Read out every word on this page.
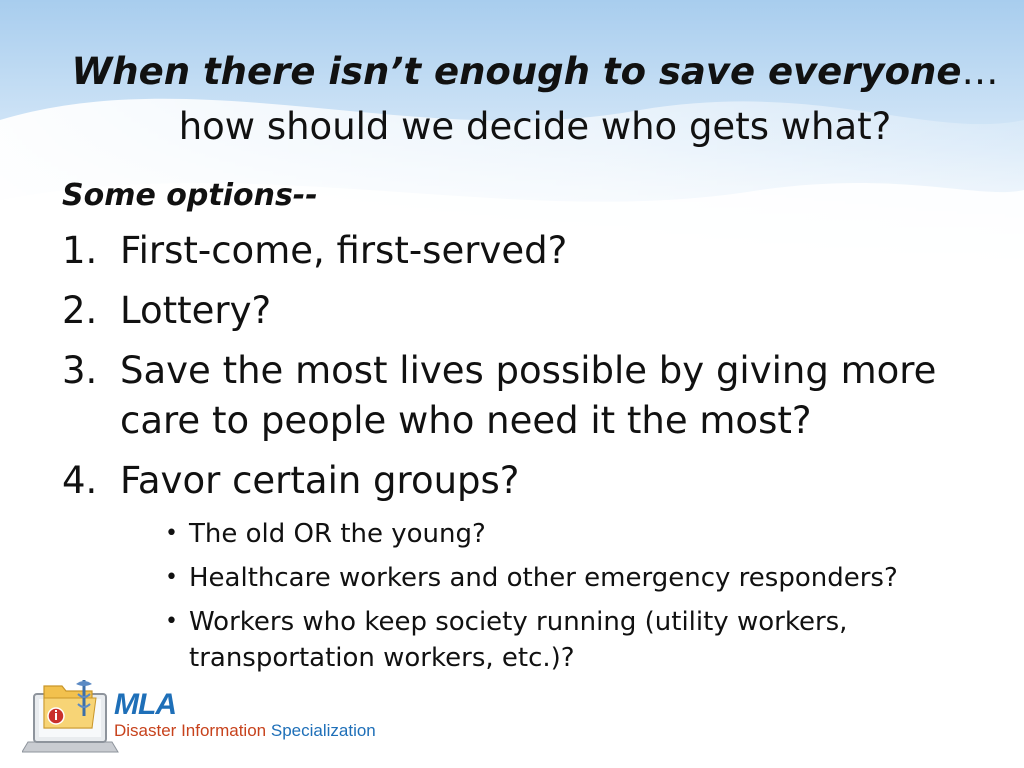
When there isn’t enough to save everyone… how should we decide who gets what?
Some options--
1. First-come, first-served?
2. Lottery?
3. Save the most lives possible by giving more care to people who need it the most?
4. Favor certain groups?
• The old OR the young?
• Healthcare workers and other emergency responders?
• Workers who keep society running (utility workers, transportation workers, etc.)?
MLA
Disaster Information Specialization
